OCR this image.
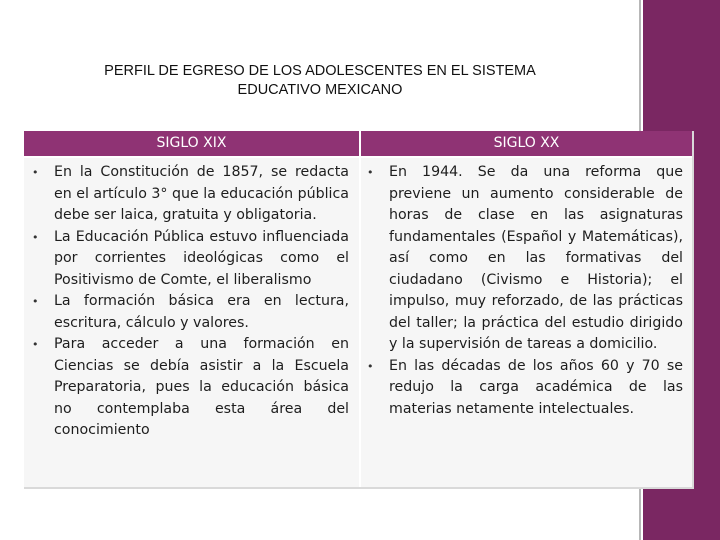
PERFIL DE EGRESO DE LOS ADOLESCENTES EN EL SISTEMA
EDUCATIVO MEXICANO
SIGLO XIX	SIGLO XX
• En la Constitución de 1857, se redacta en el artículo 3° que la educación pública debe ser laica, gratuita y obligatoria.
• La Educación Pública estuvo influenciada por corrientes ideológicas como el Positivismo de Comte, el liberalismo
• La formación básica era en lectura, escritura, cálculo y valores.
• Para acceder a una formación en Ciencias se debía asistir a la Escuela Preparatoria, pues la educación básica no contemplaba esta área del conocimiento
• En 1944. Se da una reforma que previene un aumento considerable de horas de clase en las asignaturas fundamentales (Español y Matemáticas), así como en las formativas del ciudadano (Civismo e Historia); el impulso, muy reforzado, de las prácticas del taller; la práctica del estudio dirigido y la supervisión de tareas a domicilio.
• En las décadas de los años 60 y 70 se redujo la carga académica de las materias netamente intelectuales.
